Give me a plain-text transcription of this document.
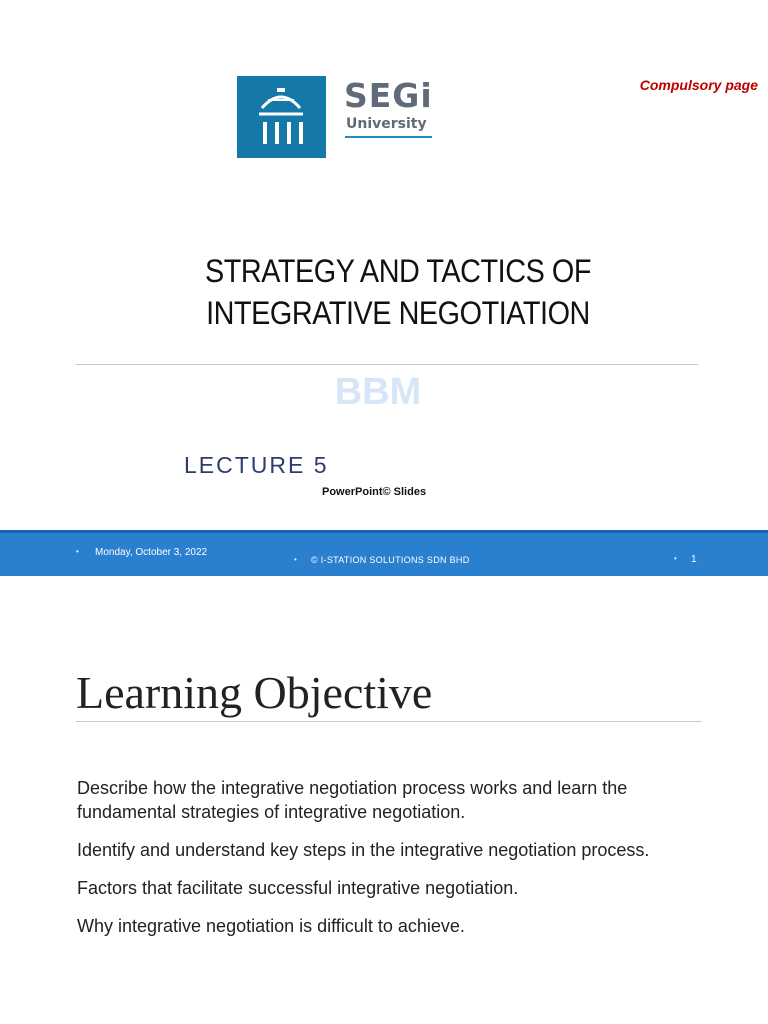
SEGi
University
Compulsory page
STRATEGY AND TACTICS OF
INTEGRATIVE NEGOTIATION
BBM
LECTURE 5
PowerPoint© Slides
• Monday, October 3, 2022
• © I-STATION SOLUTIONS SDN BHD	• 1
Learning Objective
Describe how the integrative negotiation process works and learn the fundamental strategies of integrative negotiation.
Identify and understand key steps in the integrative negotiation process.
Factors that facilitate successful integrative negotiation.
Why integrative negotiation is difficult to achieve.
